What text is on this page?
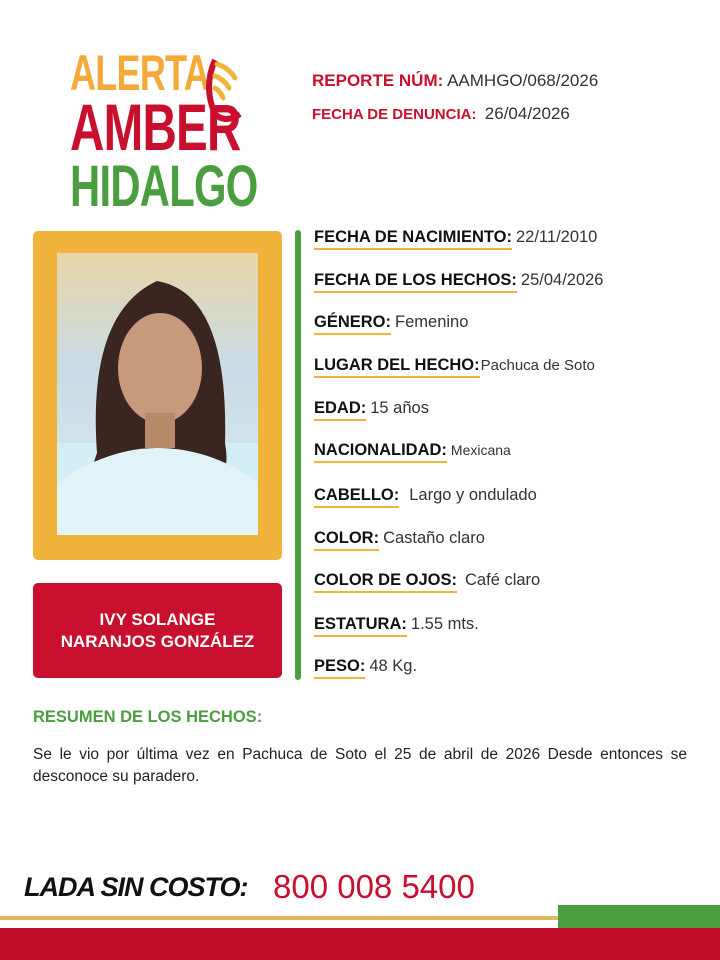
ALERTA
AMBER
HIDALGO
REPORTE NÚM: AAMHGO/068/2026
FECHA DE DENUNCIA: 26/04/2026
IVY SOLANGE
NARANJOS GONZÁLEZ
FECHA DE NACIMIENTO: 22/11/2010
FECHA DE LOS HECHOS: 25/04/2026
GÉNERO: Femenino
LUGAR DEL HECHO:Pachuca de Soto
EDAD: 15 años
NACIONALIDAD: Mexicana
CABELLO: Largo y ondulado
COLOR: Castaño claro
COLOR DE OJOS: Café claro
ESTATURA: 1.55 mts.
PESO: 48 Kg.
RESUMEN DE LOS HECHOS:
Se le vio por última vez en Pachuca de Soto el 25 de abril de 2026 Desde entonces se desconoce su paradero.
LADA SIN COSTO: 800 008 5400
